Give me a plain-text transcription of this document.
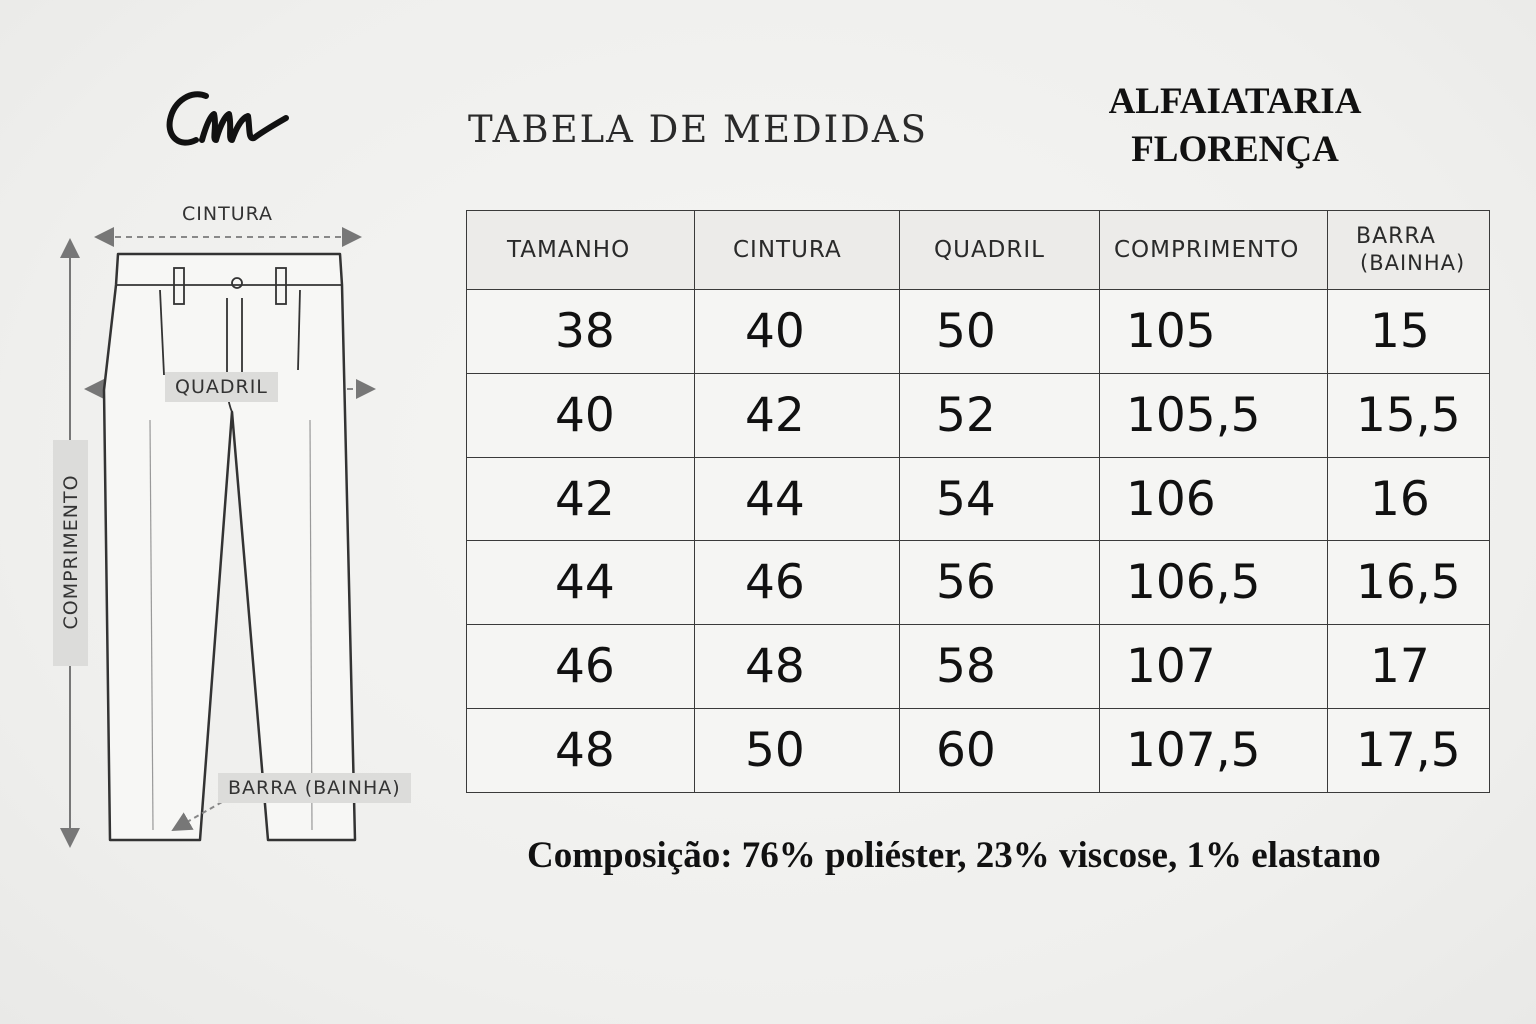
TABELA DE MEDIDAS
ALFAIATARIA
FLORENÇA
CINTURA
QUADRIL
COMPRIMENTO
BARRA (BAINHA)
TAMANHO	CINTURA	QUADRIL	COMPRIMENTO	BARRA
(BAINHA)

38	40	50	105	15
40	42	52	105,5	15,5
42	44	54	106	16
44	46	56	106,5	16,5
46	48	58	107	17
48	50	60	107,5	17,5
Composição: 76% poliéster, 23% viscose, 1% elastano
